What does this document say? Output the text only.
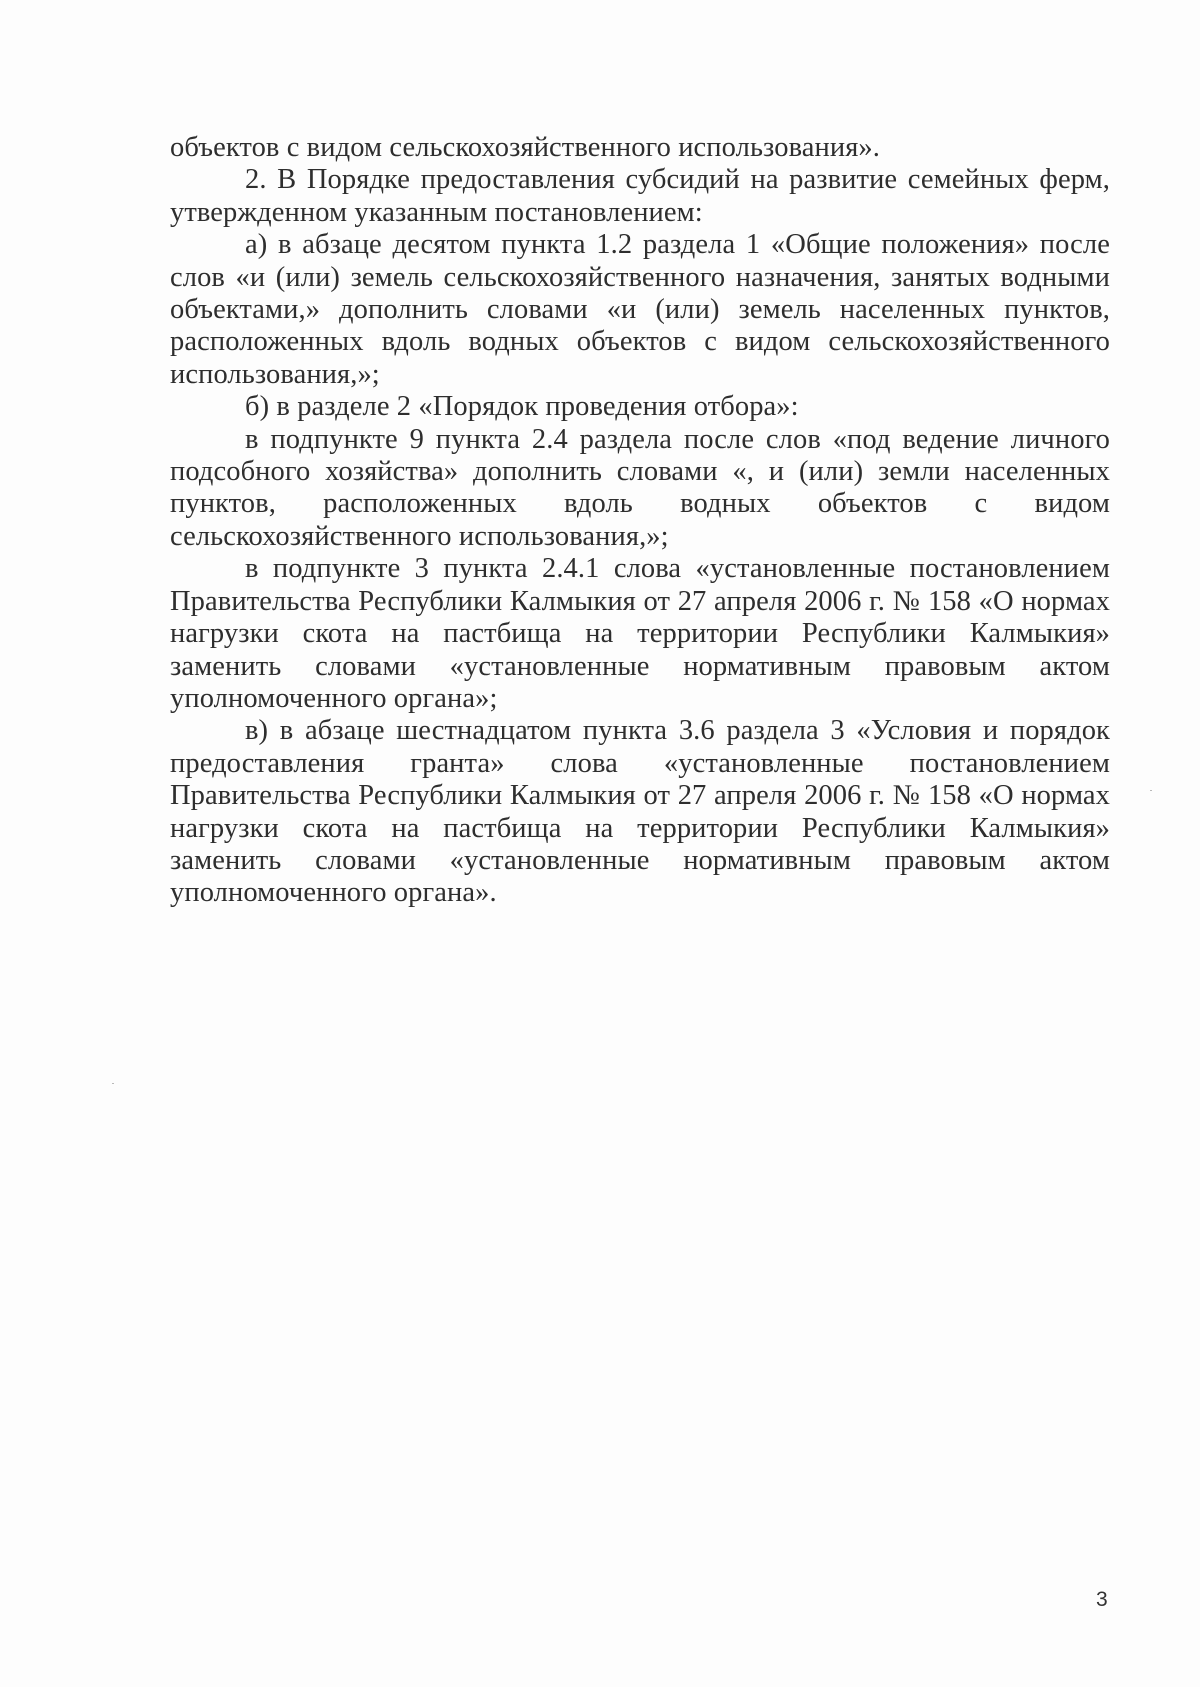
объектов с видом сельскохозяйственного использования».

2. В Порядке предоставления субсидий на развитие семейных ферм, утвержденном указанным постановлением:

а) в абзаце десятом пункта 1.2 раздела 1 «Общие положения» после слов «и (или) земель сельскохозяйственного назначения, занятых водными объектами,» дополнить словами «и (или) земель населенных пунктов, расположенных вдоль водных объектов с видом сельскохозяйственного использования,»;

б) в разделе 2 «Порядок проведения отбора»:

в подпункте 9 пункта 2.4 раздела после слов «под ведение личного подсобного хозяйства» дополнить словами «, и (или) земли населенных пунктов, расположенных вдоль водных объектов с видом сельскохозяйственного использования,»;

в подпункте 3 пункта 2.4.1 слова «установленные постановлением Правительства Республики Калмыкия от 27 апреля 2006 г. № 158 «О нормах нагрузки скота на пастбища на территории Республики Калмыкия» заменить словами «установленные нормативным правовым актом уполномоченного органа»;

в) в абзаце шестнадцатом пункта 3.6 раздела 3 «Условия и порядок предоставления гранта» слова «установленные постановлением Правительства Республики Калмыкия от 27 апреля 2006 г. № 158 «О нормах нагрузки скота на пастбища на территории Республики Калмыкия» заменить словами «установленные нормативным правовым актом уполномоченного органа».

3
